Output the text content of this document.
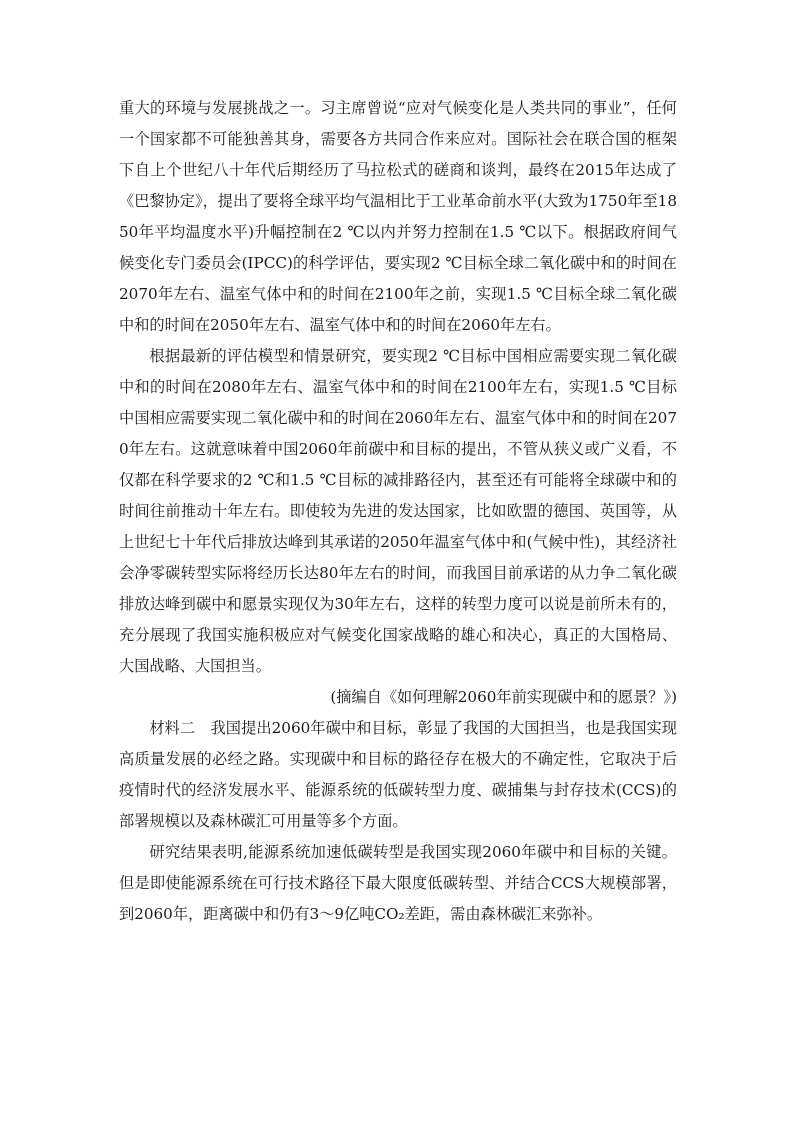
重大的环境与发展挑战之一。习主席曾说“应对气候变化是人类共同的事业”，任何一个国家都不可能独善其身，需要各方共同合作来应对。国际社会在联合国的框架下自上个世纪八十年代后期经历了马拉松式的磋商和谈判，最终在2015年达成了《巴黎协定》，提出了要将全球平均气温相比于工业革命前水平(大致为1750年至1850年平均温度水平)升幅控制在2 ℃以内并努力控制在1.5 ℃以下。根据政府间气候变化专门委员会(IPCC)的科学评估，要实现2 ℃目标全球二氧化碳中和的时间在2070年左右、温室气体中和的时间在2100年之前，实现1.5 ℃目标全球二氧化碳中和的时间在2050年左右、温室气体中和的时间在2060年左右。

根据最新的评估模型和情景研究，要实现2 ℃目标中国相应需要实现二氧化碳中和的时间在2080年左右、温室气体中和的时间在2100年左右，实现1.5 ℃目标中国相应需要实现二氧化碳中和的时间在2060年左右、温室气体中和的时间在2070年左右。这就意味着中国2060年前碳中和目标的提出，不管从狭义或广义看，不仅都在科学要求的2 ℃和1.5 ℃目标的减排路径内，甚至还有可能将全球碳中和的时间往前推动十年左右。即使较为先进的发达国家，比如欧盟的德国、英国等，从上世纪七十年代后排放达峰到其承诺的2050年温室气体中和(气候中性)，其经济社会净零碳转型实际将经历长达80年左右的时间，而我国目前承诺的从力争二氧化碳排放达峰到碳中和愿景实现仅为30年左右，这样的转型力度可以说是前所未有的，充分展现了我国实施积极应对气候变化国家战略的雄心和决心，真正的大国格局、大国战略、大国担当。

(摘编自《如何理解2060年前实现碳中和的愿景？》)

材料二　我国提出2060年碳中和目标，彰显了我国的大国担当，也是我国实现高质量发展的必经之路。实现碳中和目标的路径存在极大的不确定性，它取决于后疫情时代的经济发展水平、能源系统的低碳转型力度、碳捕集与封存技术(CCS)的部署规模以及森林碳汇可用量等多个方面。

研究结果表明,能源系统加速低碳转型是我国实现2060年碳中和目标的关键。但是即使能源系统在可行技术路径下最大限度低碳转型、并结合CCS大规模部署，到2060年，距离碳中和仍有3～9亿吨CO₂差距，需由森林碳汇来弥补。
